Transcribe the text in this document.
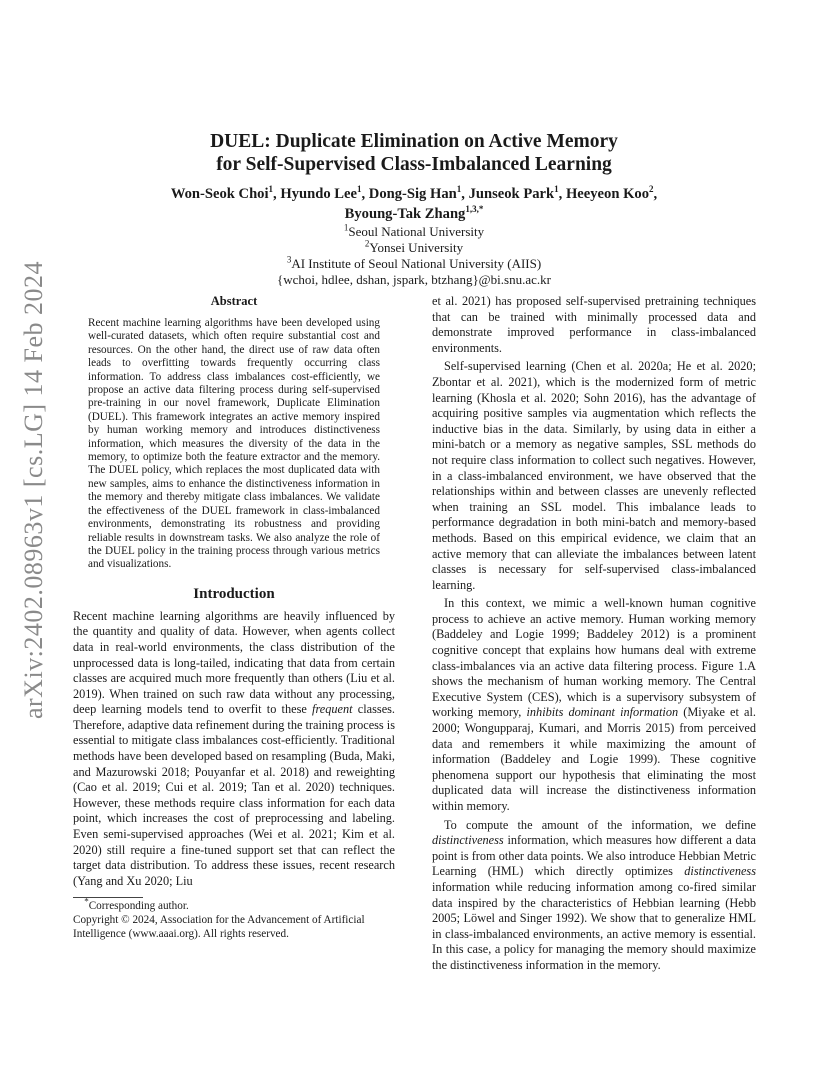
arXiv:2402.08963v1 [cs.LG] 14 Feb 2024
DUEL: Duplicate Elimination on Active Memory
for Self-Supervised Class-Imbalanced Learning
Won-Seok Choi$^1$, Hyundo Lee$^1$, Dong-Sig Han$^1$, Junseok Park$^1$, Heeyeon Koo$^2$,
Byoung-Tak Zhang$^{1,3,*}$
$^1$Seoul National University
$^2$Yonsei University
$^3$AI Institute of Seoul National University (AIIS)
{wchoi, hdlee, dshan, jspark, btzhang}@bi.snu.ac.kr
Abstract

Recent machine learning algorithms have been developed using well-curated datasets, which often require substantial cost and resources. On the other hand, the direct use of raw data often leads to overfitting towards frequently occurring class information. To address class imbalances cost-efficiently, we propose an active data filtering process during self-supervised pre-training in our novel framework, Duplicate Elimination (DUEL). This framework integrates an active memory inspired by human working memory and introduces distinctiveness information, which measures the diversity of the data in the memory, to optimize both the feature extractor and the memory. The DUEL policy, which replaces the most duplicated data with new samples, aims to enhance the distinctiveness information in the memory and thereby mitigate class imbalances. We validate the effectiveness of the DUEL framework in class-imbalanced environments, demonstrating its robustness and providing reliable results in downstream tasks. We also analyze the role of the DUEL policy in the training process through various metrics and visualizations.

Introduction

Recent machine learning algorithms are heavily influenced by the quantity and quality of data. However, when agents collect data in real-world environments, the class distribution of the unprocessed data is long-tailed, indicating that data from certain classes are acquired much more frequently than others (Liu et al. 2019). When trained on such raw data without any processing, deep learning models tend to overfit to these frequent classes. Therefore, adaptive data refinement during the training process is essential to mitigate class imbalances cost-efficiently. Traditional methods have been developed based on resampling (Buda, Maki, and Mazurowski 2018; Pouyanfar et al. 2018) and reweighting (Cao et al. 2019; Cui et al. 2019; Tan et al. 2020) techniques. However, these methods require class information for each data point, which increases the cost of preprocessing and labeling. Even semi-supervised approaches (Wei et al. 2021; Kim et al. 2020) still require a fine-tuned support set that can reflect the target data distribution. To address these issues, recent research (Yang and Xu 2020; Liu

*Corresponding author.

Copyright © 2024, Association for the Advancement of Artificial Intelligence (www.aaai.org). All rights reserved.

et al. 2021) has proposed self-supervised pretraining techniques that can be trained with minimally processed data and demonstrate improved performance in class-imbalanced environments.

Self-supervised learning (Chen et al. 2020a; He et al. 2020; Zbontar et al. 2021), which is the modernized form of metric learning (Khosla et al. 2020; Sohn 2016), has the advantage of acquiring positive samples via augmentation which reflects the inductive bias in the data. Similarly, by using data in either a mini-batch or a memory as negative samples, SSL methods do not require class information to collect such negatives. However, in a class-imbalanced environment, we have observed that the relationships within and between classes are unevenly reflected when training an SSL model. This imbalance leads to performance degradation in both mini-batch and memory-based methods. Based on this empirical evidence, we claim that an active memory that can alleviate the imbalances between latent classes is necessary for self-supervised class-imbalanced learning.

In this context, we mimic a well-known human cognitive process to achieve an active memory. Human working memory (Baddeley and Logie 1999; Baddeley 2012) is a prominent cognitive concept that explains how humans deal with extreme class-imbalances via an active data filtering process. Figure 1.A shows the mechanism of human working memory. The Central Executive System (CES), which is a supervisory subsystem of working memory, inhibits dominant information (Miyake et al. 2000; Wongupparaj, Kumari, and Morris 2015) from perceived data and remembers it while maximizing the amount of information (Baddeley and Logie 1999). These cognitive phenomena support our hypothesis that eliminating the most duplicated data will increase the distinctiveness information within memory.

To compute the amount of the information, we define distinctiveness information, which measures how different a data point is from other data points. We also introduce Hebbian Metric Learning (HML) which directly optimizes distinctiveness information while reducing information among co-fired similar data inspired by the characteristics of Hebbian learning (Hebb 2005; Löwel and Singer 1992). We show that to generalize HML in class-imbalanced environments, an active memory is essential. In this case, a policy for managing the memory should maximize the distinctiveness information in the memory.
